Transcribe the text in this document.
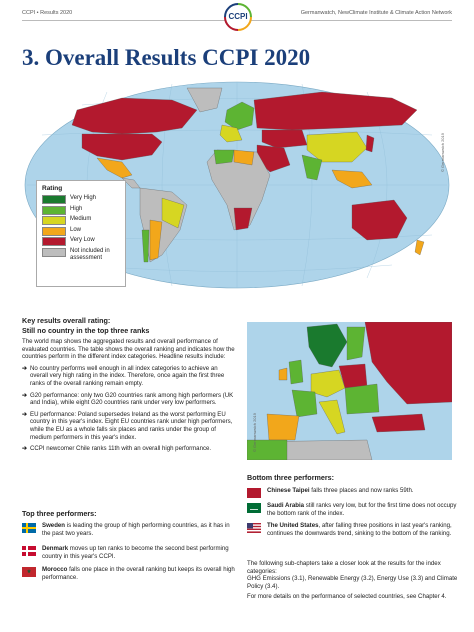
CCPI • Results 2020	CCPI	Germanwatch, NewClimate Institute & Climate Action Network
3. Overall Results CCPI 2020
© Germanwatch 2019
Rating
Very High
High
Medium
Low
Very Low
Not included in assessment
Key results overall rating:
Still no country in the top three ranks
The world map shows the aggregated results and overall performance of evaluated countries. The table shows the overall ranking and indicates how the countries perform in the different index categories. Headline results include:
➔ No country performs well enough in all index categories to achieve an overall very high rating in the index. Therefore, once again the first three ranks of the overall ranking remain empty.
➔ G20 performance: only two G20 countries rank among high performers (UK and India), while eight G20 countries rank under very low performers.
➔ EU performance: Poland supersedes Ireland as the worst performing EU country in this year's index. Eight EU countries rank under high performers, while the EU as a whole falls six places and ranks under the group of medium performers in this year's index.
➔ CCPI newcomer Chile ranks 11th with an overall high performance.
Top three performers:
Sweden is leading the group of high performing countries, as it has in the past two years.
Denmark moves up ten ranks to become the second best performing country in this year's CCPI.
Morocco falls one place in the overall ranking but keeps its overall high performance.
© Germanwatch 2019
Bottom three performers:
Chinese Taipei falls three places and now ranks 59th.
Saudi Arabia still ranks very low, but for the first time does not occupy the bottom rank of the index.
The United States, after falling three positions in last year's ranking, continues the downwards trend, sinking to the bottom of the ranking.
The following sub-chapters take a closer look at the results for the index categories:
GHG Emissions (3.1), Renewable Energy (3.2), Energy Use (3.3) and Climate Policy (3.4).
For more details on the performance of selected countries, see Chapter 4.
